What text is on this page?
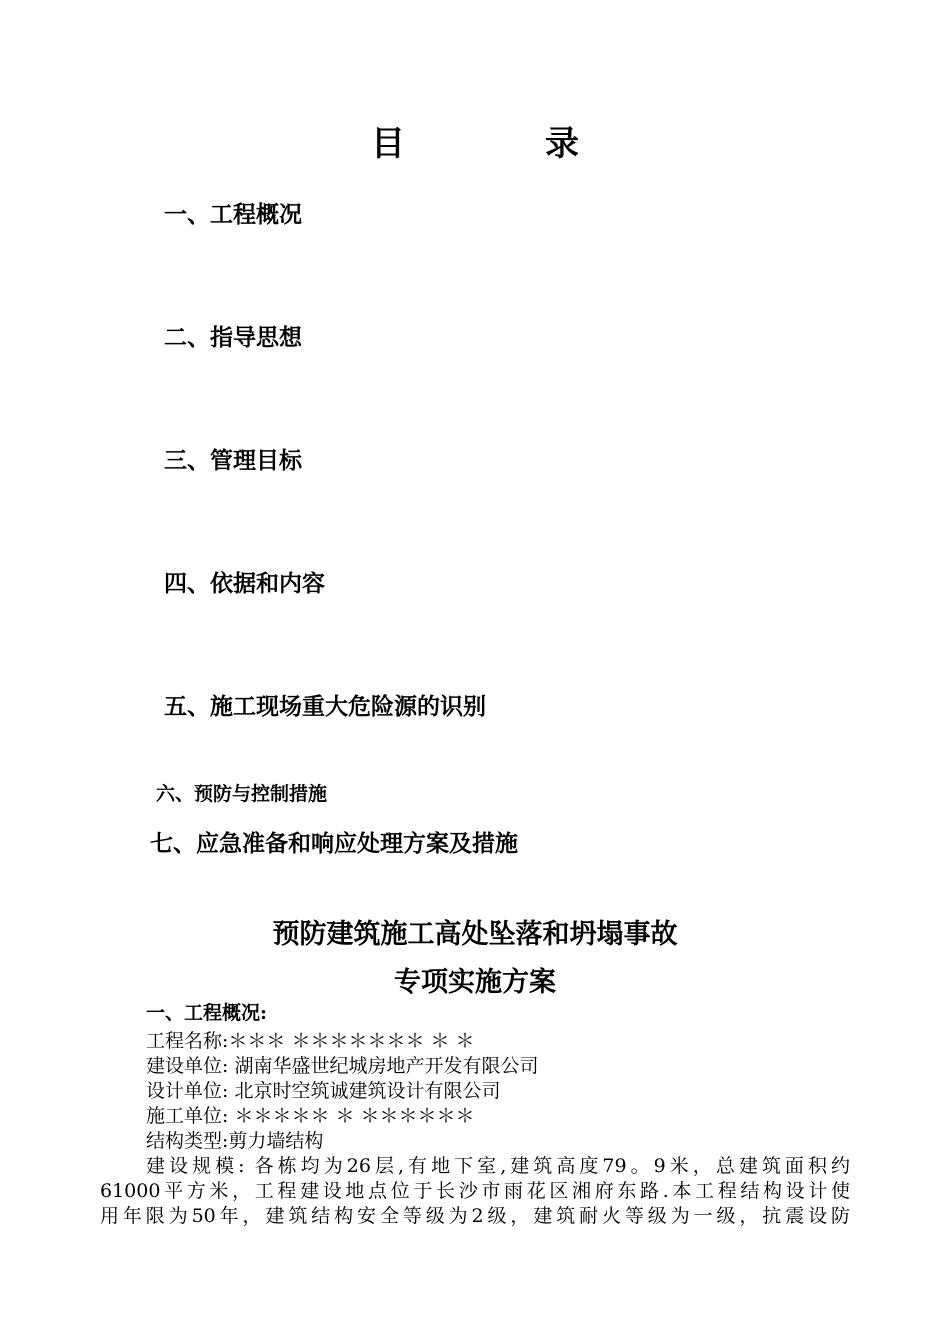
目	录
一、工程概况
二、指导思想
三、管理目标
四、依据和内容
五、施工现场重大危险源的识别
六、预防与控制措施
七、应急准备和响应处理方案及措施
预防建筑施工高处坠落和坍塌事故
专项实施方案
一、工程概况:
工程名称:＊＊＊ ＊＊＊＊＊＊＊ ＊ ＊
建设单位: 湖南华盛世纪城房地产开发有限公司
设计单位: 北京时空筑诚建筑设计有限公司
施工单位: ＊＊＊＊＊ ＊ ＊＊＊＊＊＊
结构类型:剪力墙结构
建设规模: 各栋均为26层,有地下室,建筑高度79。9米，总建筑面积约
61000平方米，工程建设地点位于长沙市雨花区湘府东路.本工程结构设计使
用年限为50年，建筑结构安全等级为2级，建筑耐火等级为一级，抗震设防
